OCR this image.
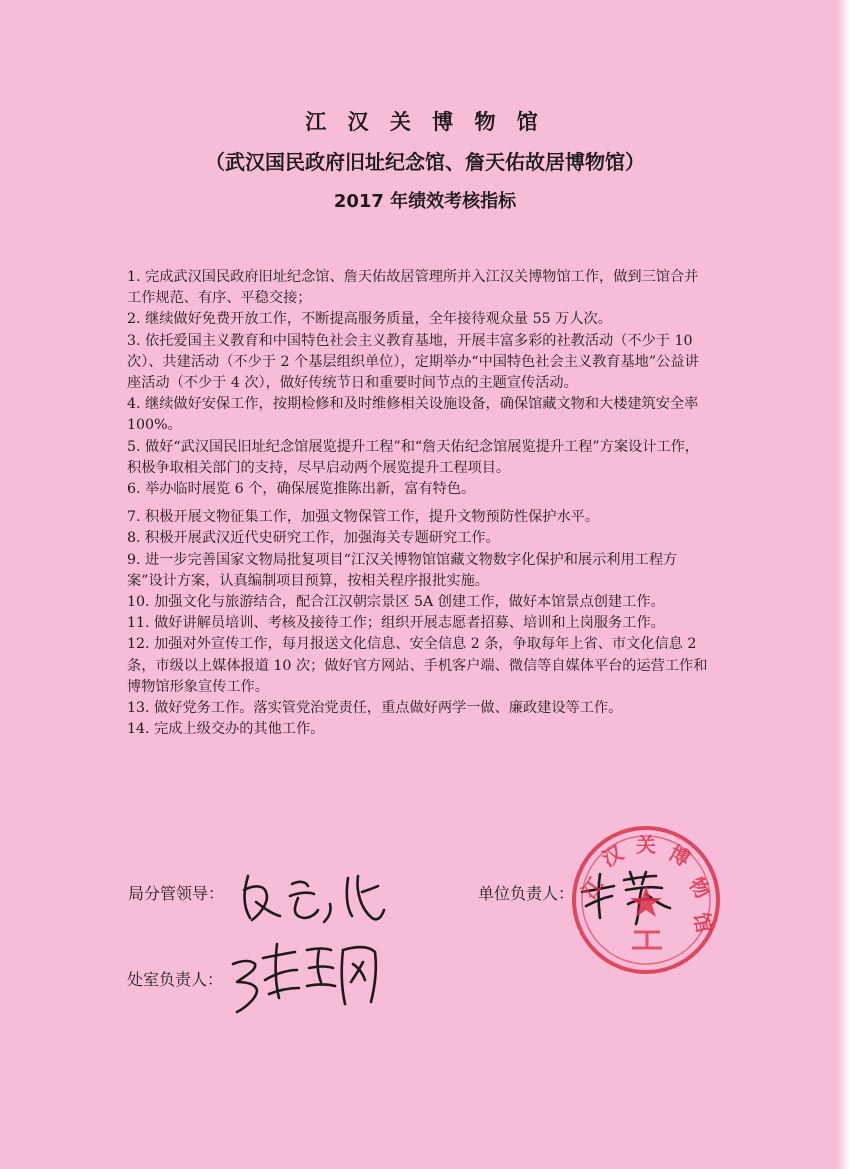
江 汉 关 博 物 馆
（武汉国民政府旧址纪念馆、詹天佑故居博物馆）
2017 年绩效考核指标

1. 完成武汉国民政府旧址纪念馆、詹天佑故居管理所并入江汉关博物馆工作，做到三馆合并工作规范、有序、平稳交接；

2. 继续做好免费开放工作，不断提高服务质量，全年接待观众量 55 万人次。

3. 依托爱国主义教育和中国特色社会主义教育基地，开展丰富多彩的社教活动（不少于 10 次）、共建活动（不少于 2 个基层组织单位），定期举办“中国特色社会主义教育基地”公益讲座活动（不少于 4 次），做好传统节日和重要时间节点的主题宣传活动。

4. 继续做好安保工作，按期检修和及时维修相关设施设备，确保馆藏文物和大楼建筑安全率 100%。

5. 做好“武汉国民旧址纪念馆展览提升工程”和“詹天佑纪念馆展览提升工程”方案设计工作，积极争取相关部门的支持，尽早启动两个展览提升工程项目。

6. 举办临时展览 6 个，确保展览推陈出新，富有特色。

7. 积极开展文物征集工作，加强文物保管工作，提升文物预防性保护水平。

8. 积极开展武汉近代史研究工作，加强海关专题研究工作。

9. 进一步完善国家文物局批复项目“江汉关博物馆馆藏文物数字化保护和展示利用工程方案”设计方案，认真编制项目预算，按相关程序报批实施。

10. 加强文化与旅游结合，配合江汉朝宗景区 5A 创建工作，做好本馆景点创建工作。

11. 做好讲解员培训、考核及接待工作；组织开展志愿者招募、培训和上岗服务工作。

12. 加强对外宣传工作，每月报送文化信息、安全信息 2 条，争取每年上省、市文化信息 2 条，市级以上媒体报道 10 次；做好官方网站、手机客户端、微信等自媒体平台的运营工作和博物馆形象宣传工作。

13. 做好党务工作。落实管党治党责任，重点做好两学一做、廉政建设等工作。

14. 完成上级交办的其他工作。

局分管领导：	单位负责人：
处室负责人：
江
汉 关 博
物
馆
